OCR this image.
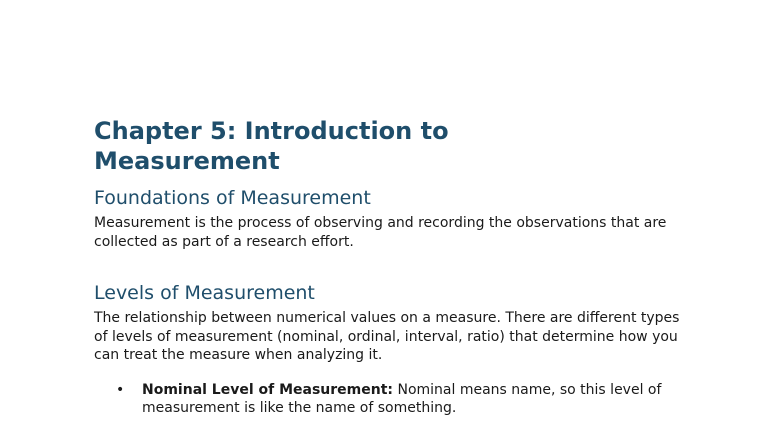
Chapter 5: Introduction to
Measurement
Foundations of Measurement

Measurement is the process of observing and recording the observations that are collected as part of a research effort.

Levels of Measurement

The relationship between numerical values on a measure. There are different types of levels of measurement (nominal, ordinal, interval, ratio) that determine how you can treat the measure when analyzing it.

• Nominal Level of Measurement: Nominal means name, so this level of measurement is like the name of something.
